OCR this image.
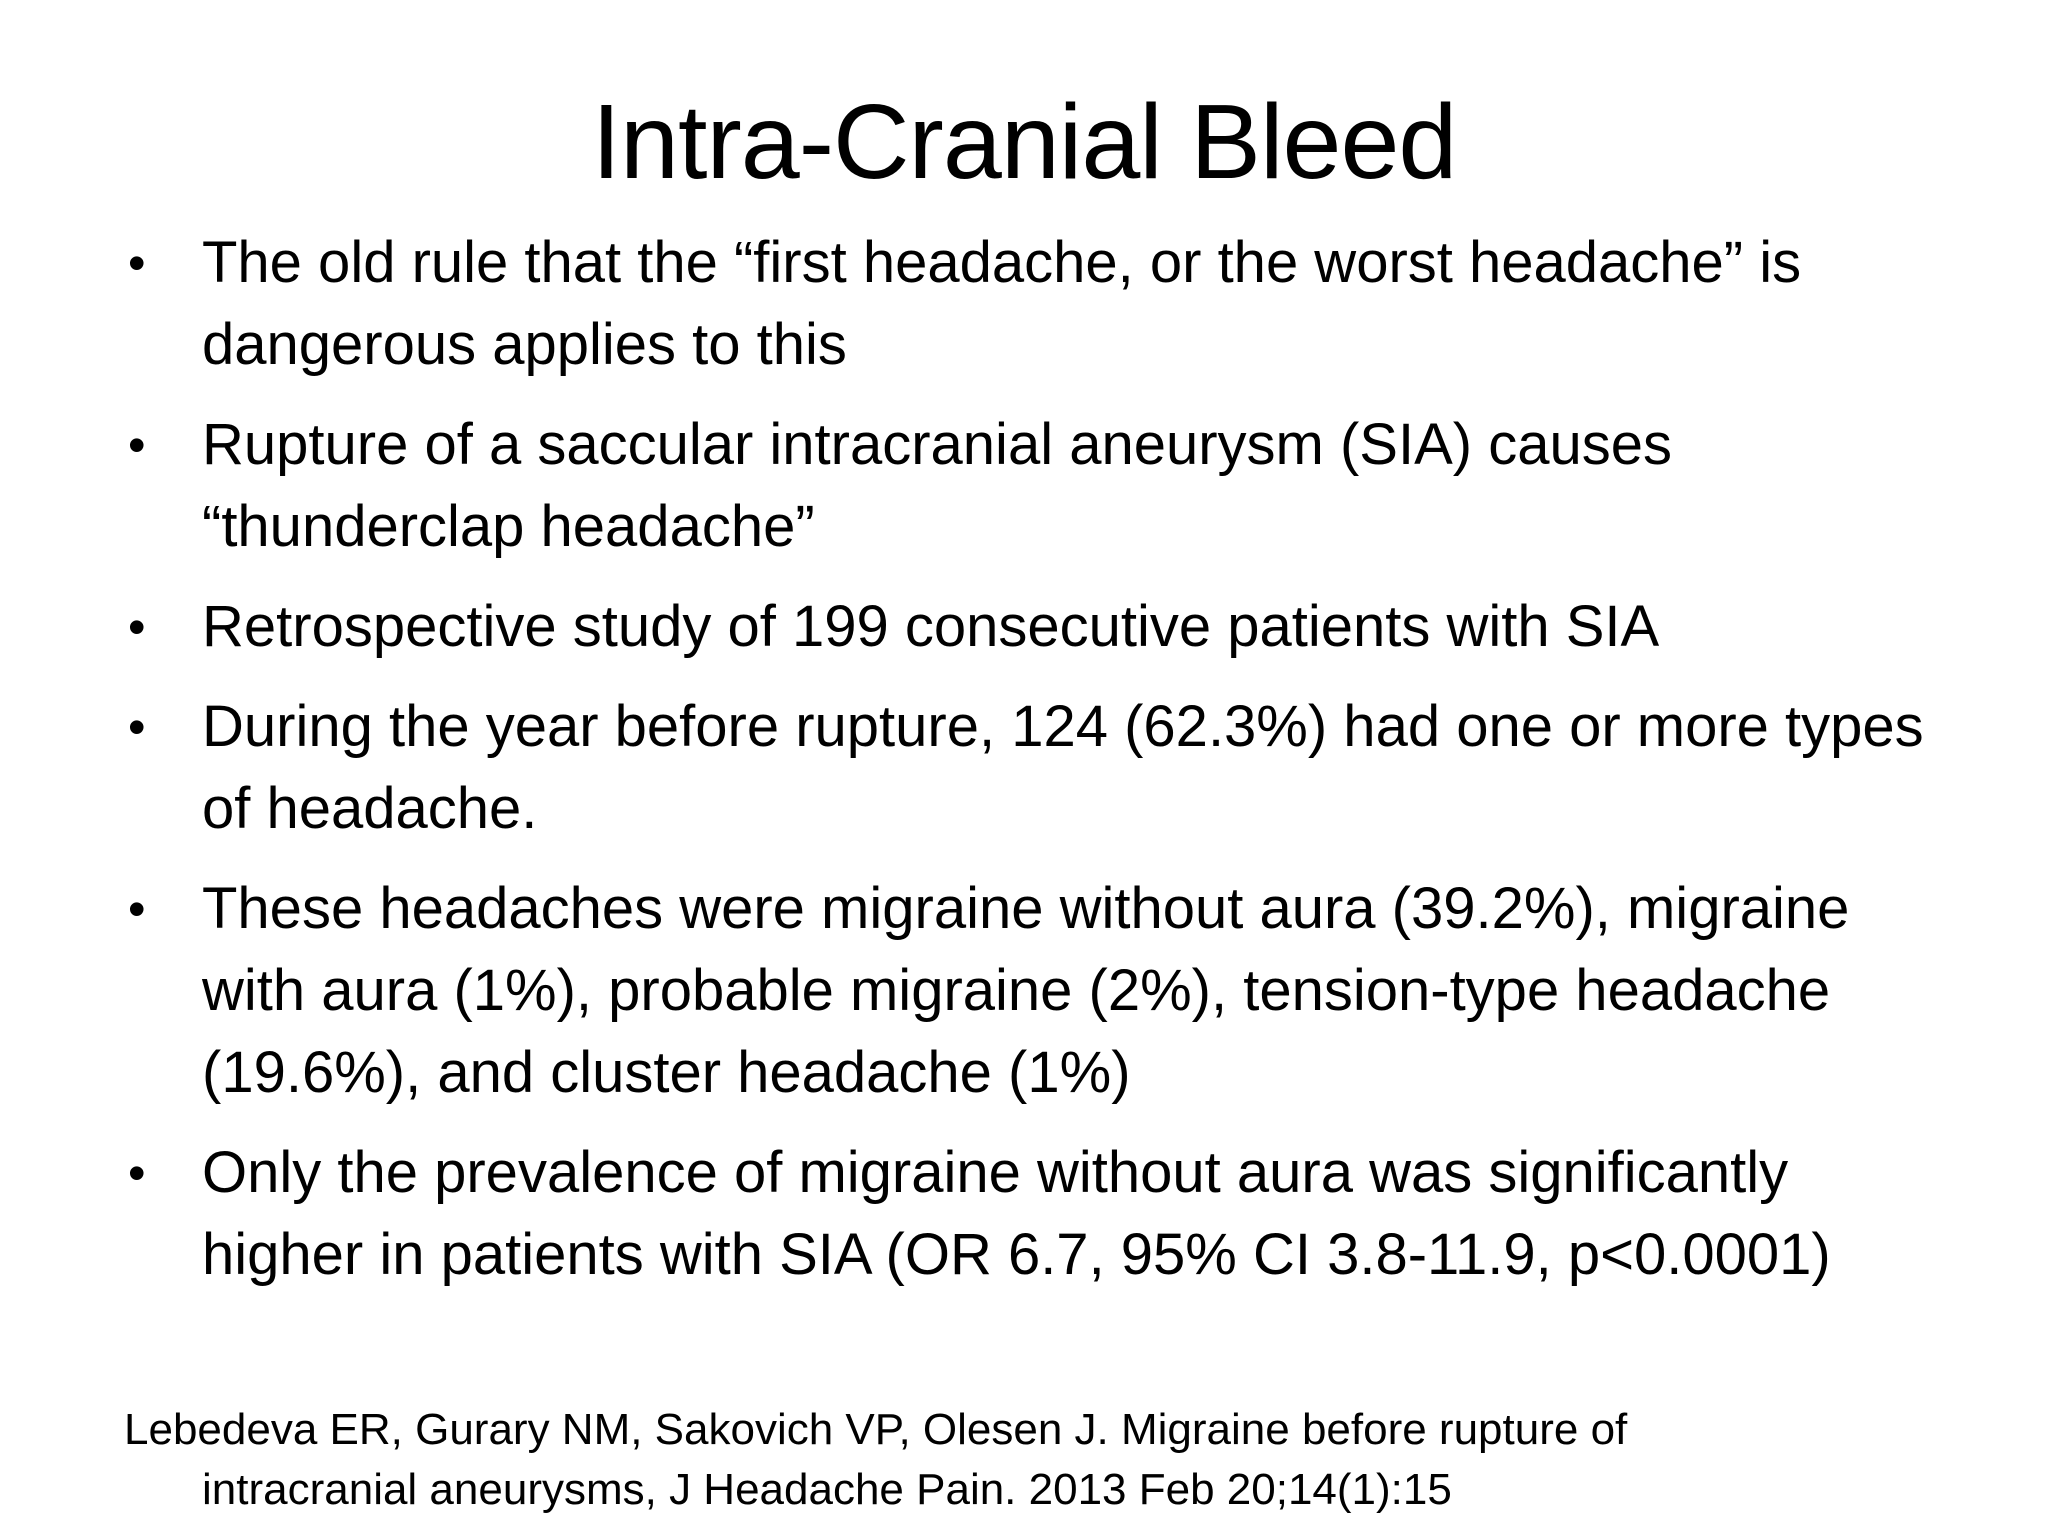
Intra-Cranial Bleed
• The old rule that the “first headache, or the worst headache” is dangerous applies to this
• Rupture of a saccular intracranial aneurysm (SIA) causes “thunderclap headache”
• Retrospective study of 199 consecutive patients with SIA
• During the year before rupture, 124 (62.3%) had one or more types of headache.
• These headaches were migraine without aura (39.2%), migraine with aura (1%), probable migraine (2%), tension-type headache (19.6%), and cluster headache (1%)
• Only the prevalence of migraine without aura was significantly higher in patients with SIA (OR 6.7, 95% CI 3.8-11.9, p<0.0001)
Lebedeva ER, Gurary NM, Sakovich VP, Olesen J. Migraine before rupture of intracranial aneurysms, J Headache Pain. 2013 Feb 20;14(1):15
